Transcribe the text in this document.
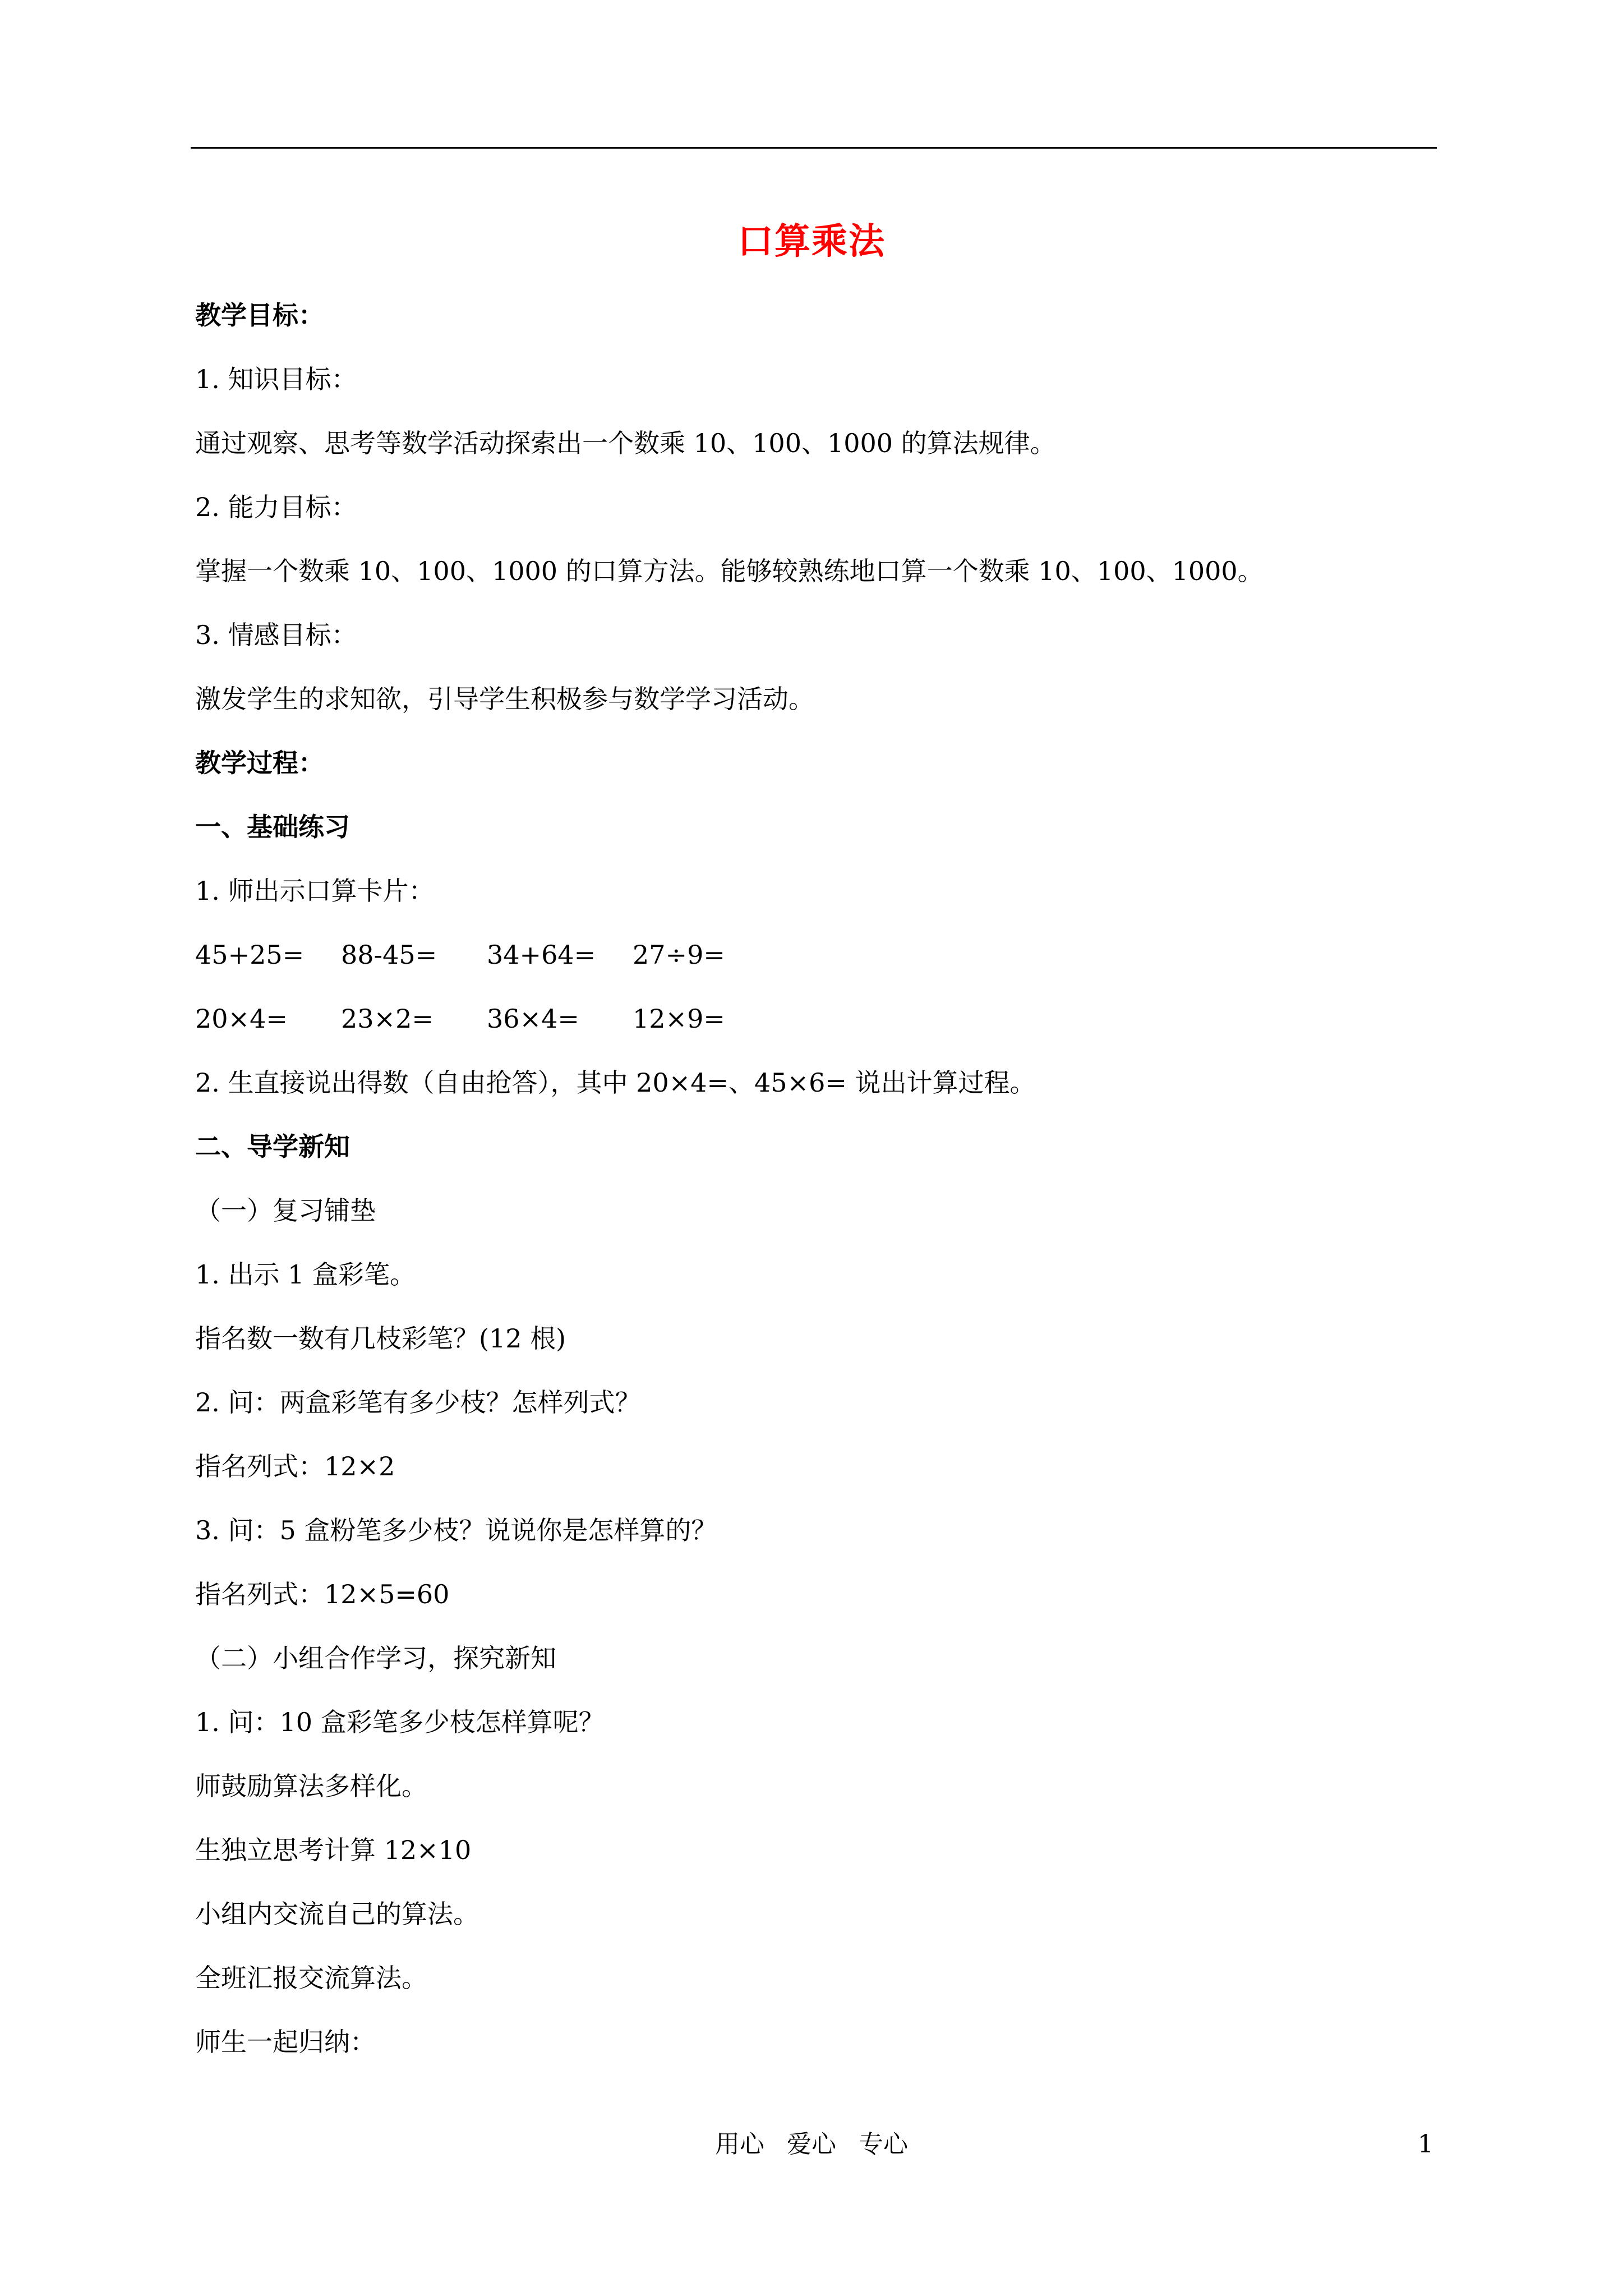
口算乘法
教学目标：
1. 知识目标：
通过观察、思考等数学活动探索出一个数乘 10、100、1000 的算法规律。
2. 能力目标：
掌握一个数乘 10、100、1000 的口算方法。能够较熟练地口算一个数乘 10、100、1000。
3. 情感目标：
激发学生的求知欲，引导学生积极参与数学学习活动。
教学过程：
一、基础练习
1. 师出示口算卡片：
45+25=	88-45=	34+64=	27÷9=
20×4=	23×2=	36×4=	12×9=
2. 生直接说出得数（自由抢答），其中 20×4=、45×6= 说出计算过程。
二、导学新知
（一）复习铺垫
1. 出示 1 盒彩笔。
指名数一数有几枝彩笔？(12 根)
2. 问：两盒彩笔有多少枝？怎样列式？
指名列式：12×2
3. 问：5 盒粉笔多少枝？说说你是怎样算的？
指名列式：12×5=60
（二）小组合作学习，探究新知
1. 问：10 盒彩笔多少枝怎样算呢？
师鼓励算法多样化。
生独立思考计算 12×10
小组内交流自己的算法。
全班汇报交流算法。
师生一起归纳：
用心 爱心 专心	1
